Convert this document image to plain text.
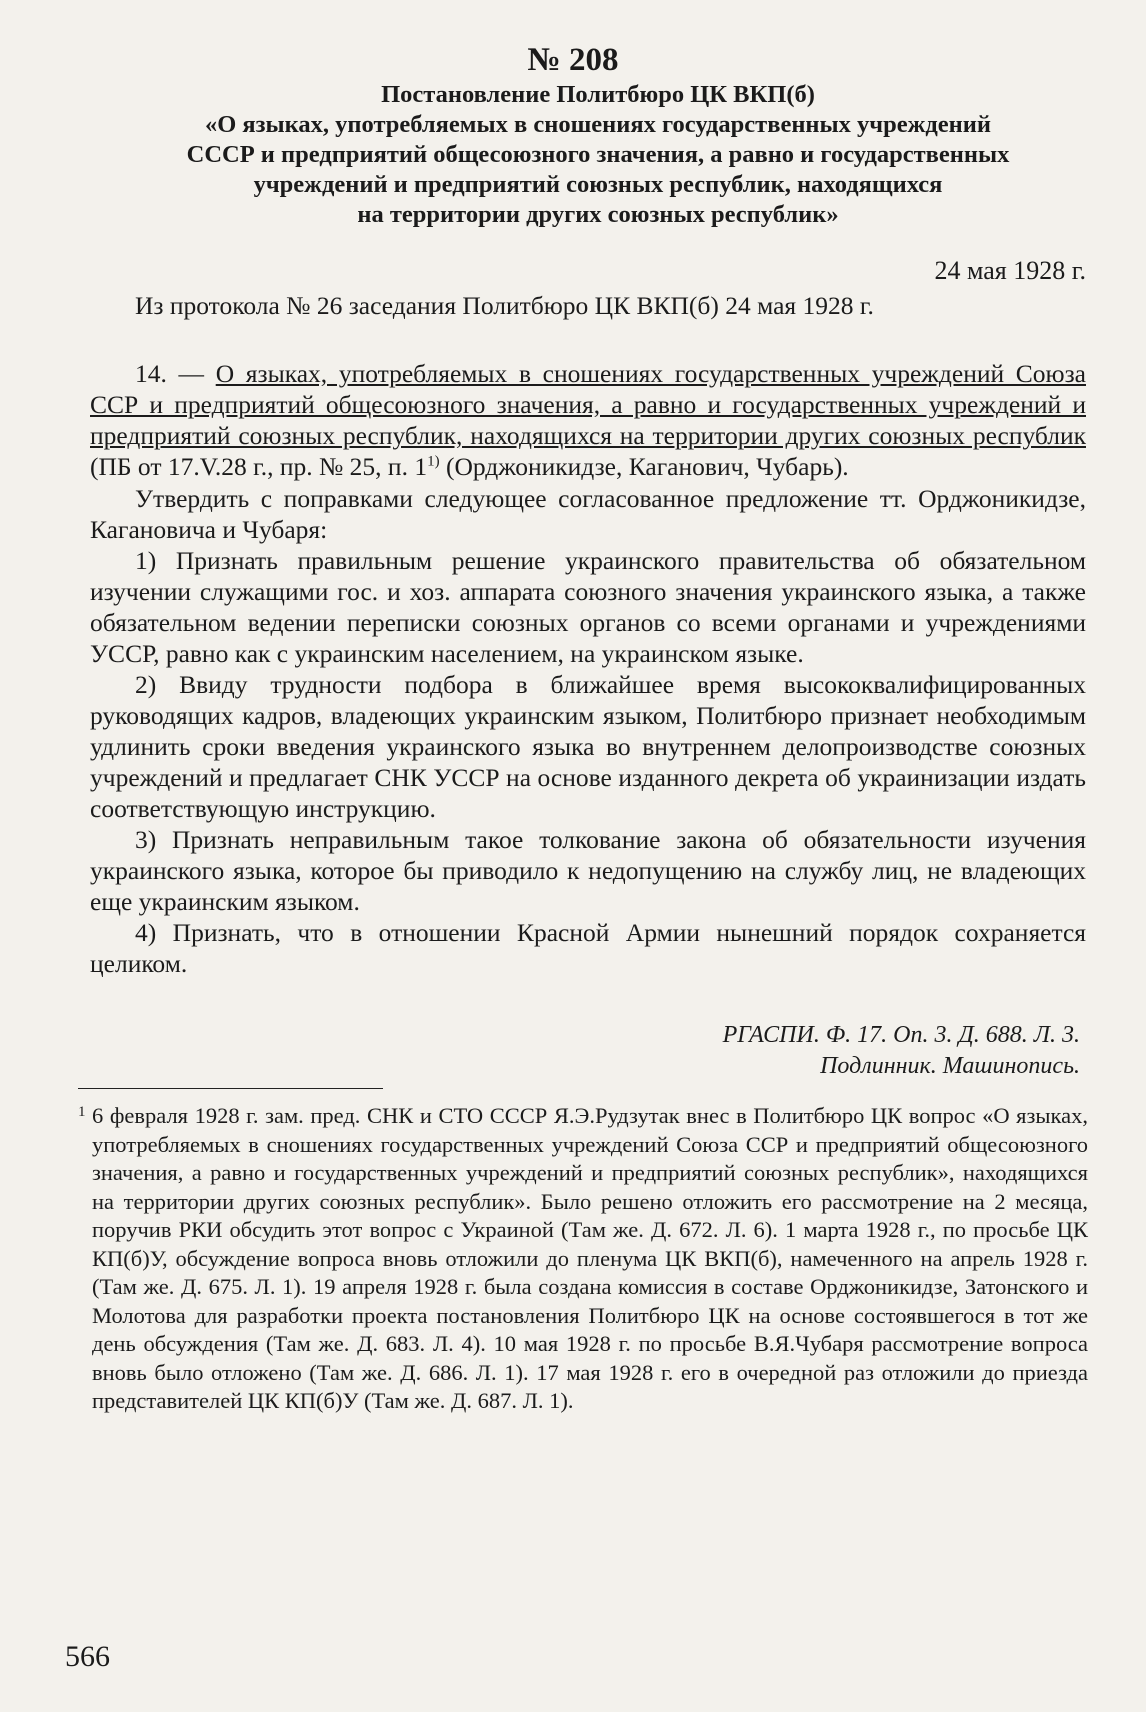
№ 208
Постановление Политбюро ЦК ВКП(б)
«О языках, употребляемых в сношениях государственных учреждений
СССР и предприятий общесоюзного значения, а равно и государственных
учреждений и предприятий союзных республик, находящихся
на территории других союзных республик»
24 мая 1928 г.
Из протокола № 26 заседания Политбюро ЦК ВКП(б) 24 мая 1928 г.
14. — О языках, употребляемых в сношениях государственных учреждений Союза ССР и предприятий общесоюзного значения, а равно и государственных учреждений и предприятий союзных республик, находящихся на территории других союзных республик (ПБ от 17.V.28 г., пр. № 25, п. 1$^{1)}$ (Орджоникидзе, Каганович, Чубарь).
Утвердить с поправками следующее согласованное предложение тт. Орджоникидзе, Кагановича и Чубаря:
1) Признать правильным решение украинского правительства об обязательном изучении служащими гос. и хоз. аппарата союзного значения украинского языка, а также обязательном ведении переписки союзных органов со всеми органами и учреждениями УССР, равно как с украинским населением, на украинском языке.
2) Ввиду трудности подбора в ближайшее время высококвалифицированных руководящих кадров, владеющих украинским языком, Политбюро признает необходимым удлинить сроки введения украинского языка во внутреннем делопроизводстве союзных учреждений и предлагает СНК УССР на основе изданного декрета об украинизации издать соответствующую инструкцию.
3) Признать неправильным такое толкование закона об обязательности изучения украинского языка, которое бы приводило к недопущению на службу лиц, не владеющих еще украинским языком.
4) Признать, что в отношении Красной Армии нынешний порядок сохраняется целиком.
РГАСПИ. Ф. 17. Оп. 3. Д. 688. Л. 3.
Подлинник. Машинопись.
1 6 февраля 1928 г. зам. пред. СНК и СТО СССР Я.Э.Рудзутак внес в Политбюро ЦК вопрос «О языках, употребляемых в сношениях государственных учреждений Союза ССР и предприятий общесоюзного значения, а равно и государственных учреждений и предприятий союзных республик», находящихся на территории других союзных республик». Было решено отложить его рассмотрение на 2 месяца, поручив РКИ обсудить этот вопрос с Украиной (Там же. Д. 672. Л. 6). 1 марта 1928 г., по просьбе ЦК КП(б)У, обсуждение вопроса вновь отложили до пленума ЦК ВКП(б), намеченного на апрель 1928 г. (Там же. Д. 675. Л. 1). 19 апреля 1928 г. была создана комиссия в составе Орджоникидзе, Затонского и Молотова для разработки проекта постановления Политбюро ЦК на основе состоявшегося в тот же день обсуждения (Там же. Д. 683. Л. 4). 10 мая 1928 г. по просьбе В.Я.Чубаря рассмотрение вопроса вновь было отложено (Там же. Д. 686. Л. 1). 17 мая 1928 г. его в очередной раз отложили до приезда представителей ЦК КП(б)У (Там же. Д. 687. Л. 1).
566
